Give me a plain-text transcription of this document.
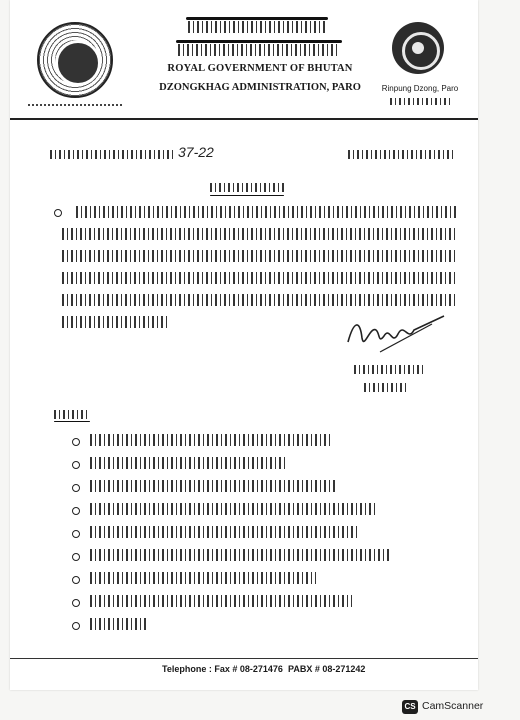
ROYAL GOVERNMENT OF BHUTAN
DZONGKHAG ADMINISTRATION, PARO	Rinpung Dzong, Paro
37-22
Telephone : Fax # 08-271476 PABX # 08-271242
CS CamScanner
